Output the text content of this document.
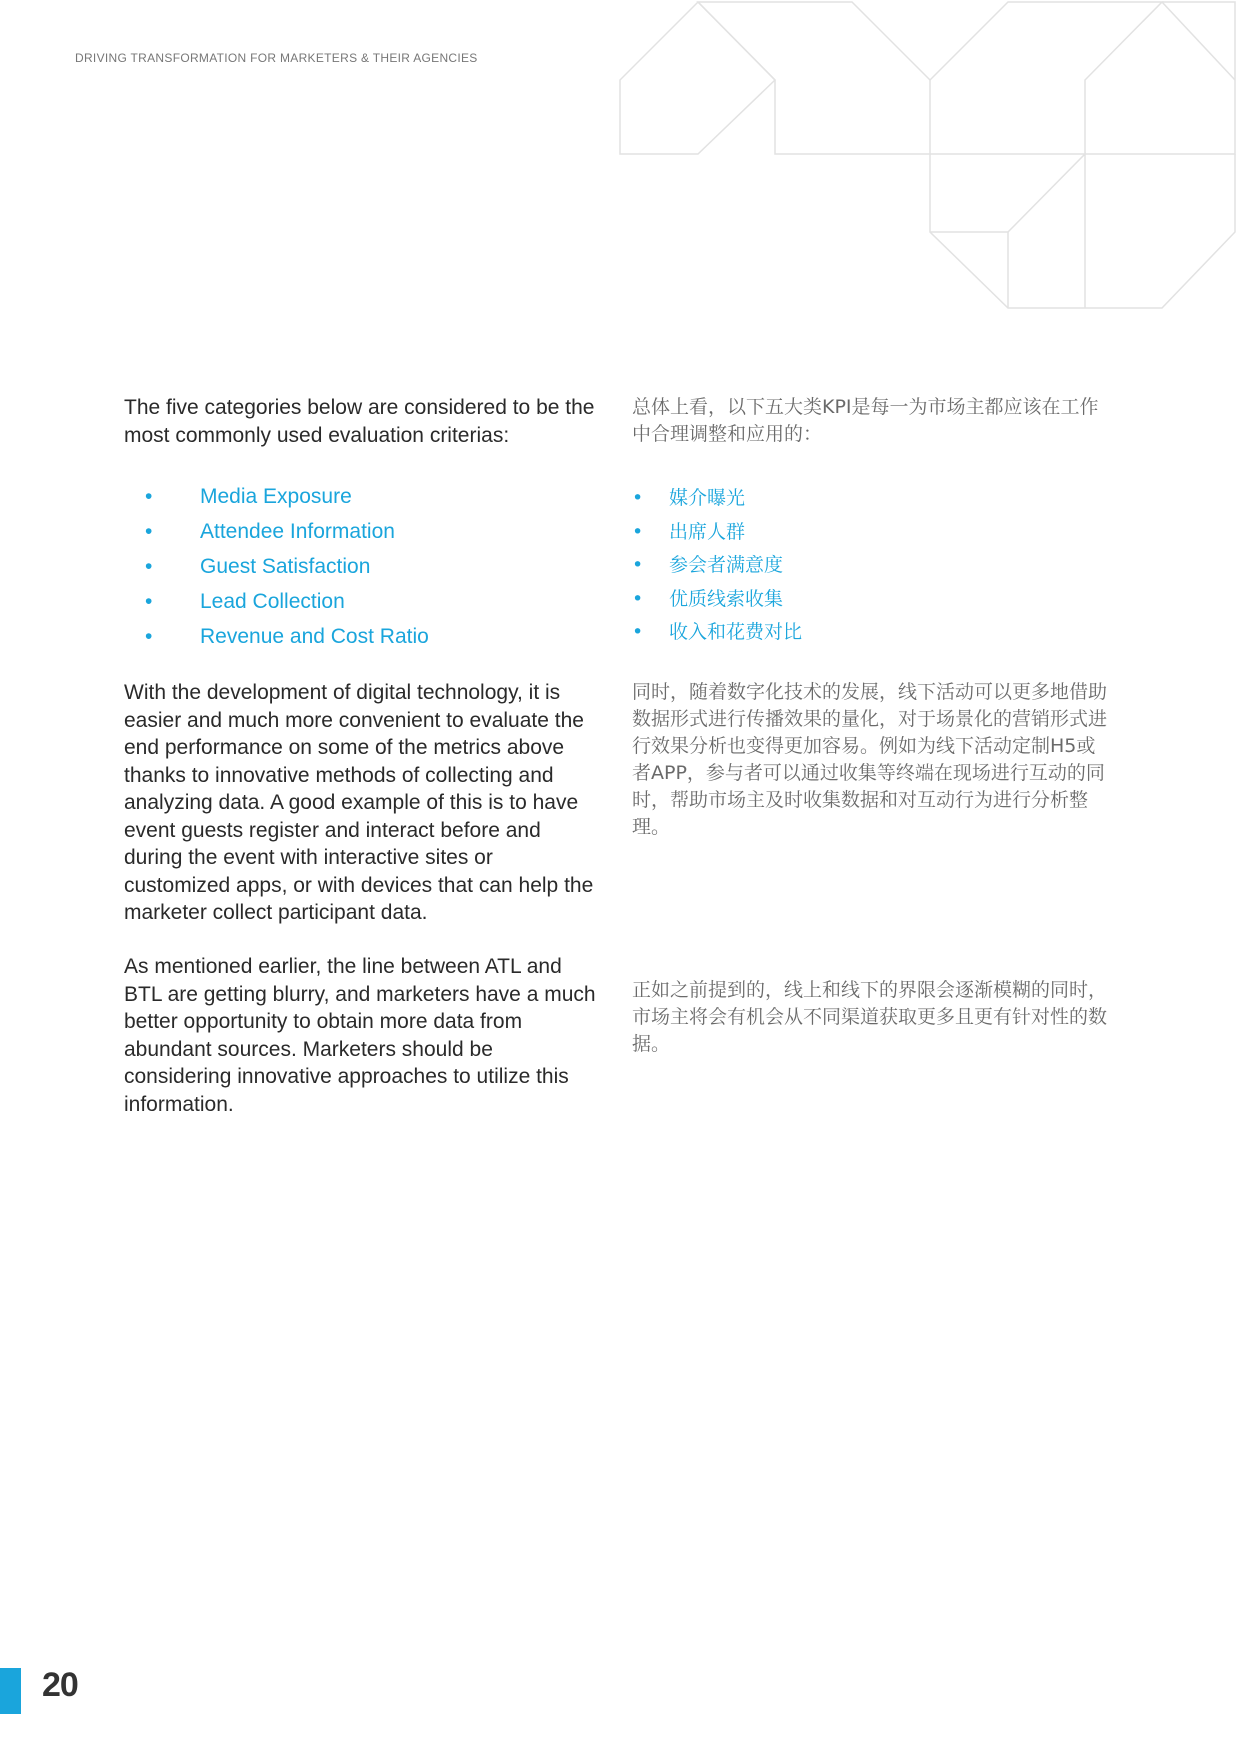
DRIVING TRANSFORMATION FOR MARKETERS & THEIR AGENCIES

The five categories below are considered to be the most commonly used evaluation criterias:

• Media Exposure
• Attendee Information
• Guest Satisfaction
• Lead Collection
• Revenue and Cost Ratio

With the development of digital technology, it is easier and much more convenient to evaluate the end performance on some of the metrics above thanks to innovative methods of collecting and analyzing data. A good example of this is to have event guests register and interact before and during the event with interactive sites or customized apps, or with devices that can help the marketer collect participant data.

As mentioned earlier, the line between ATL and BTL are getting blurry, and marketers have a much better opportunity to obtain more data from abundant sources. Marketers should be considering innovative approaches to utilize this information.

总体上看，以下五大类KPI是每一为市场主都应该在工作中合理调整和应用的：

• 媒介曝光
• 出席人群
• 参会者满意度
• 优质线索收集
• 收入和花费对比

同时，随着数字化技术的发展，线下活动可以更多地借助数据形式进行传播效果的量化，对于场景化的营销形式进行效果分析也变得更加容易。例如为线下活动定制H5或者APP，参与者可以通过收集等终端在现场进行互动的同时，帮助市场主及时收集数据和对互动行为进行分析整理。

正如之前提到的，线上和线下的界限会逐渐模糊的同时，市场主将会有机会从不同渠道获取更多且更有针对性的数据。

20
